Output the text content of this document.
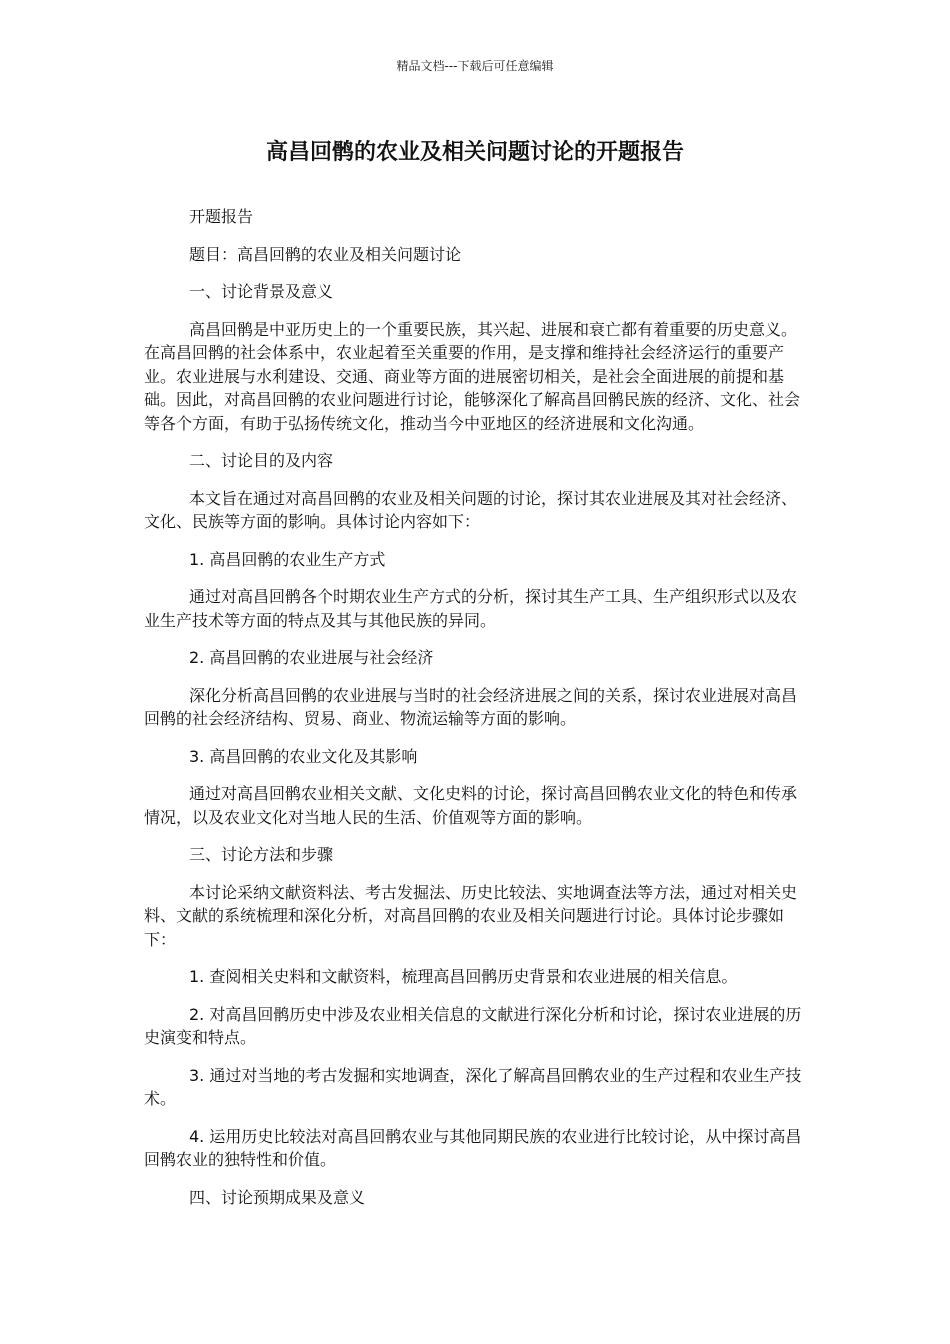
精品文档---下载后可任意编辑
高昌回鹘的农业及相关问题讨论的开题报告

开题报告

题目：高昌回鹘的农业及相关问题讨论

一、讨论背景及意义

高昌回鹘是中亚历史上的一个重要民族，其兴起、进展和衰亡都有着重要的历史意义。在高昌回鹘的社会体系中，农业起着至关重要的作用，是支撑和维持社会经济运行的重要产业。农业进展与水利建设、交通、商业等方面的进展密切相关，是社会全面进展的前提和基础。因此，对高昌回鹘的农业问题进行讨论，能够深化了解高昌回鹘民族的经济、文化、社会等各个方面，有助于弘扬传统文化，推动当今中亚地区的经济进展和文化沟通。

二、讨论目的及内容

本文旨在通过对高昌回鹘的农业及相关问题的讨论，探讨其农业进展及其对社会经济、文化、民族等方面的影响。具体讨论内容如下：

1. 高昌回鹘的农业生产方式

通过对高昌回鹘各个时期农业生产方式的分析，探讨其生产工具、生产组织形式以及农业生产技术等方面的特点及其与其他民族的异同。

2. 高昌回鹘的农业进展与社会经济

深化分析高昌回鹘的农业进展与当时的社会经济进展之间的关系，探讨农业进展对高昌回鹘的社会经济结构、贸易、商业、物流运输等方面的影响。

3. 高昌回鹘的农业文化及其影响

通过对高昌回鹘农业相关文献、文化史料的讨论，探讨高昌回鹘农业文化的特色和传承情况，以及农业文化对当地人民的生活、价值观等方面的影响。

三、讨论方法和步骤

本讨论采纳文献资料法、考古发掘法、历史比较法、实地调查法等方法，通过对相关史料、文献的系统梳理和深化分析，对高昌回鹘的农业及相关问题进行讨论。具体讨论步骤如下：

1. 查阅相关史料和文献资料，梳理高昌回鹘历史背景和农业进展的相关信息。

2. 对高昌回鹘历史中涉及农业相关信息的文献进行深化分析和讨论，探讨农业进展的历史演变和特点。

3. 通过对当地的考古发掘和实地调查，深化了解高昌回鹘农业的生产过程和农业生产技术。

4. 运用历史比较法对高昌回鹘农业与其他同期民族的农业进行比较讨论，从中探讨高昌回鹘农业的独特性和价值。

四、讨论预期成果及意义
